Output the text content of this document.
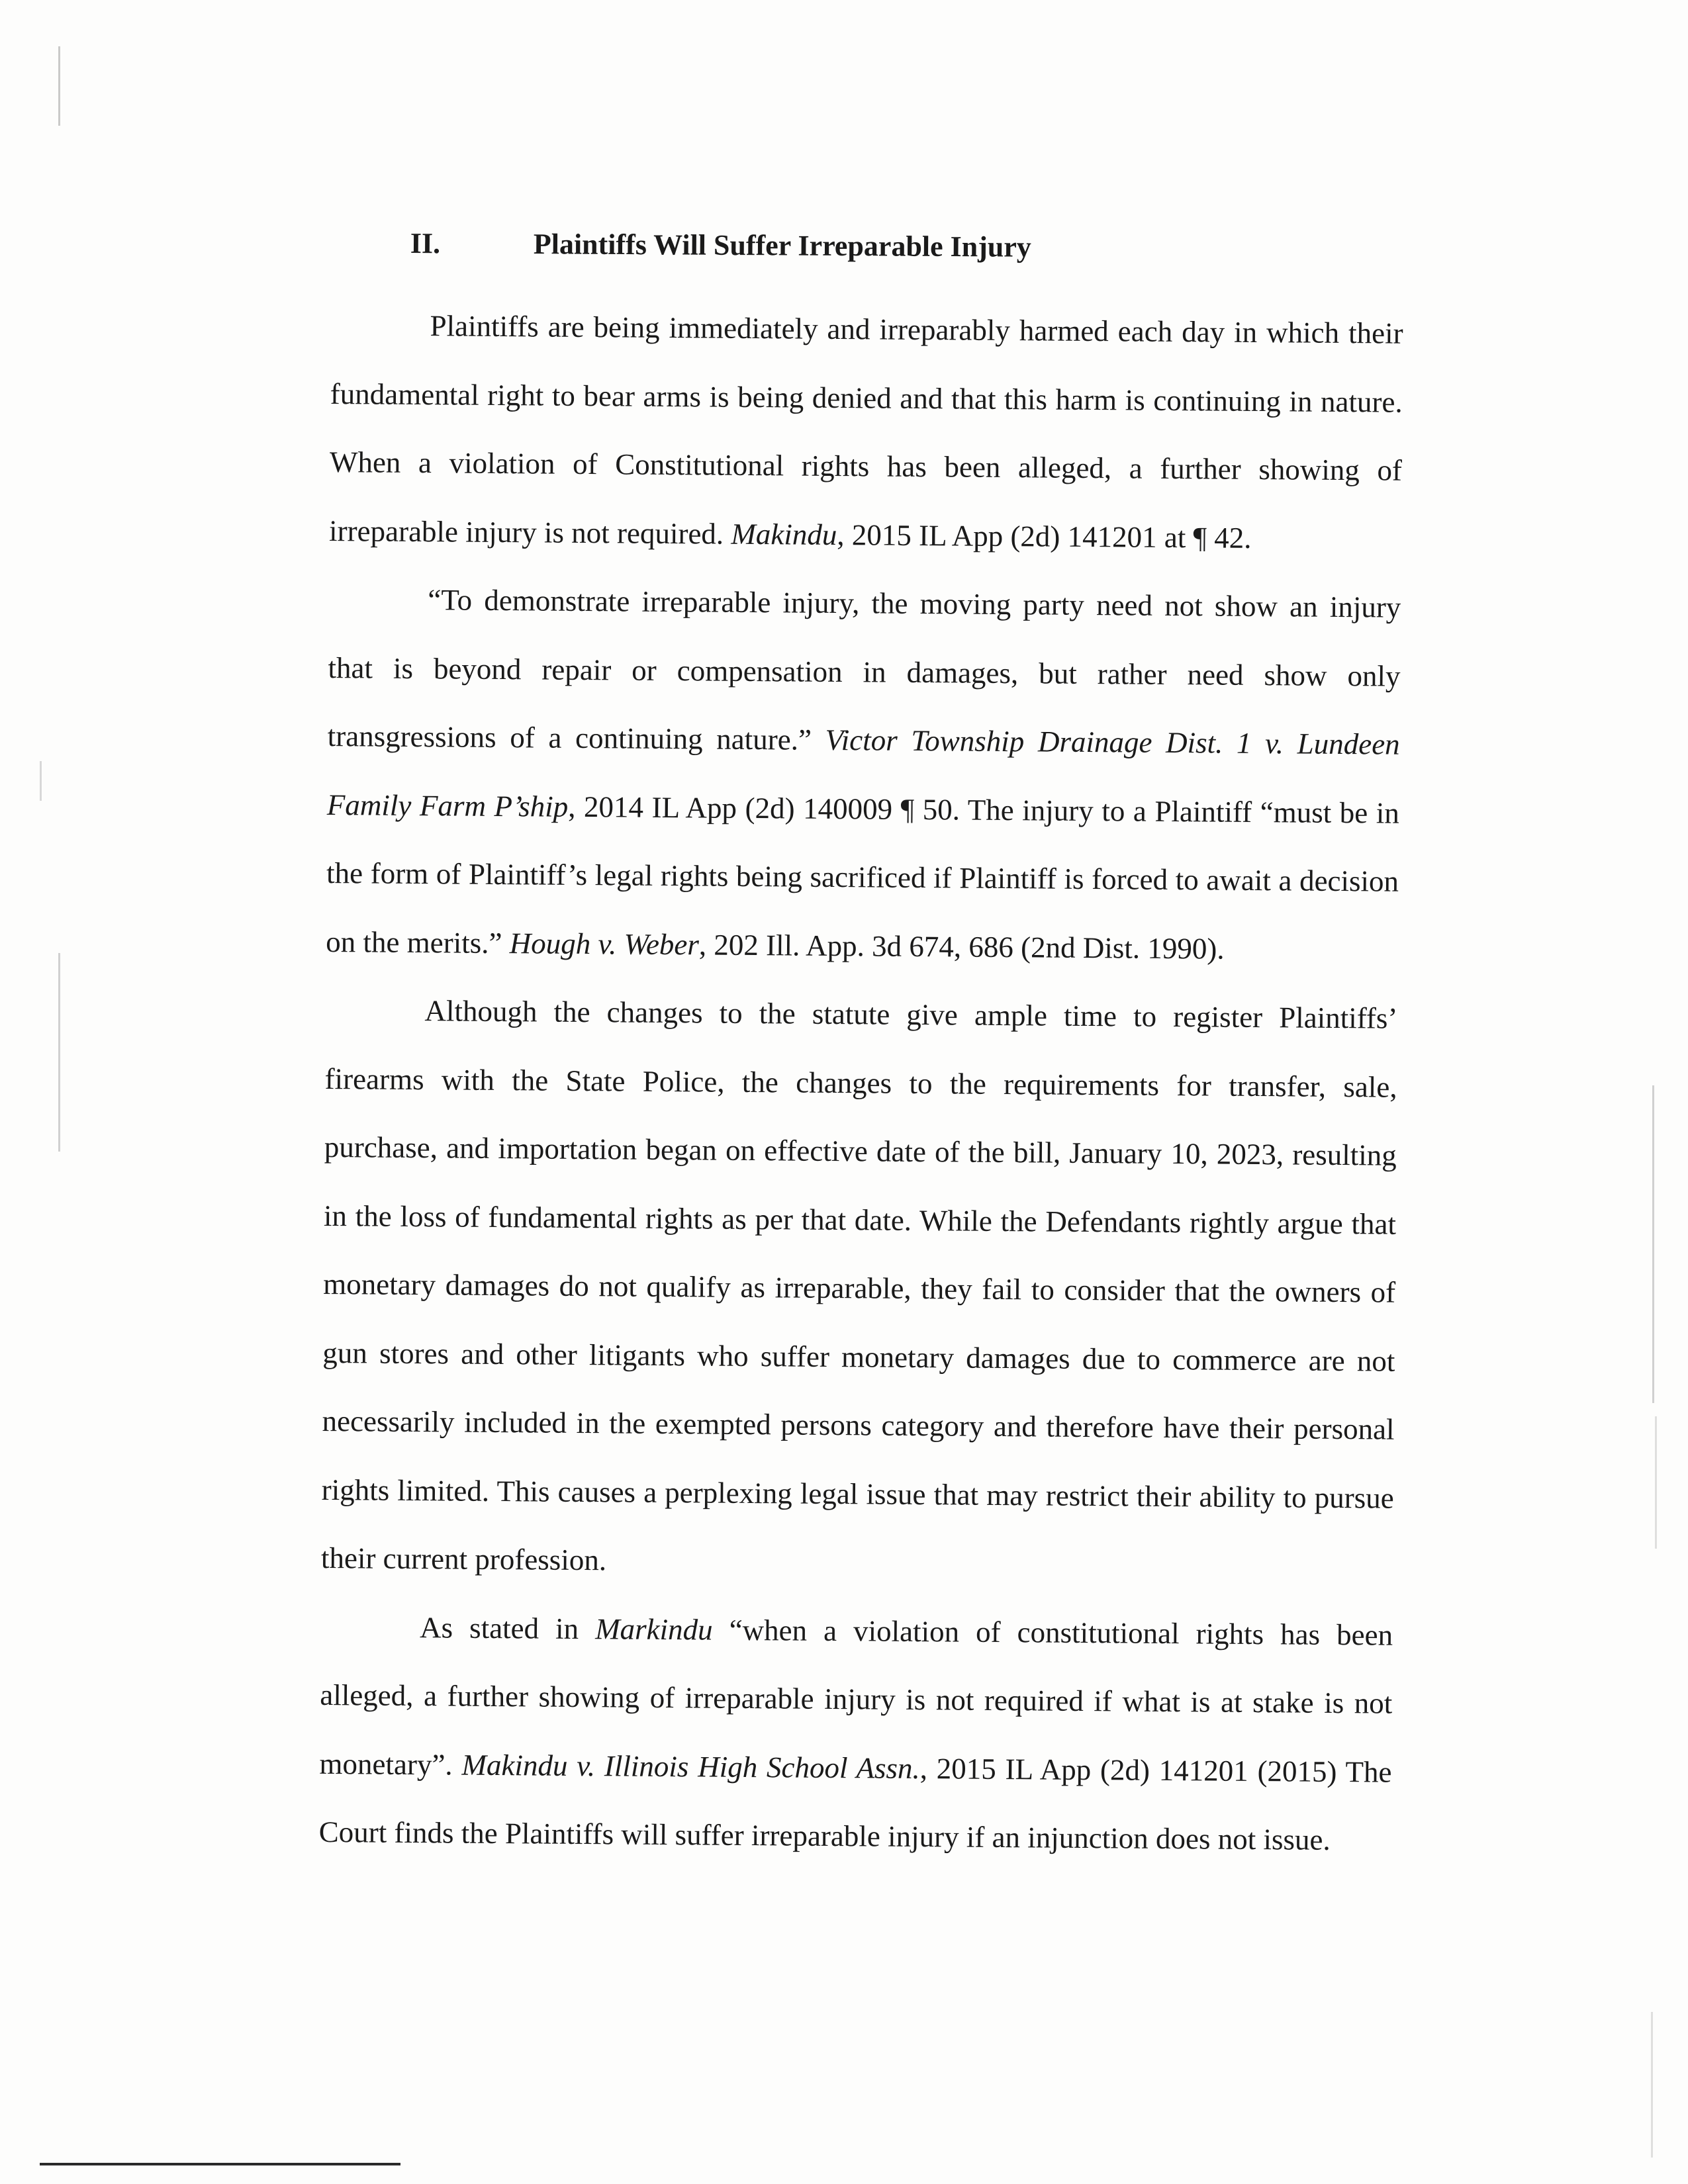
II.	Plaintiffs Will Suffer Irreparable Injury

Plaintiffs are being immediately and irreparably harmed each day in which their fundamental right to bear arms is being denied and that this harm is continuing in nature. When a violation of Constitutional rights has been alleged, a further showing of irreparable injury is not required. Makindu, 2015 IL App (2d) 141201 at ¶ 42.

“To demonstrate irreparable injury, the moving party need not show an injury that is beyond repair or compensation in damages, but rather need show only transgressions of a continuing nature.” Victor Township Drainage Dist. 1 v. Lundeen Family Farm P’ship, 2014 IL App (2d) 140009 ¶ 50. The injury to a Plaintiff “must be in the form of Plaintiff’s legal rights being sacrificed if Plaintiff is forced to await a decision on the merits.” Hough v. Weber, 202 Ill. App. 3d 674, 686 (2nd Dist. 1990).

Although the changes to the statute give ample time to register Plaintiffs’ firearms with the State Police, the changes to the requirements for transfer, sale, purchase, and importation began on effective date of the bill, January 10, 2023, resulting in the loss of fundamental rights as per that date. While the Defendants rightly argue that monetary damages do not qualify as irreparable, they fail to consider that the owners of gun stores and other litigants who suffer monetary damages due to commerce are not necessarily included in the exempted persons category and therefore have their personal rights limited. This causes a perplexing legal issue that may restrict their ability to pursue their current profession.

As stated in Markindu “when a violation of constitutional rights has been alleged, a further showing of irreparable injury is not required if what is at stake is not monetary”. Makindu v. Illinois High School Assn., 2015 IL App (2d) 141201 (2015) The Court finds the Plaintiffs will suffer irreparable injury if an injunction does not issue.
